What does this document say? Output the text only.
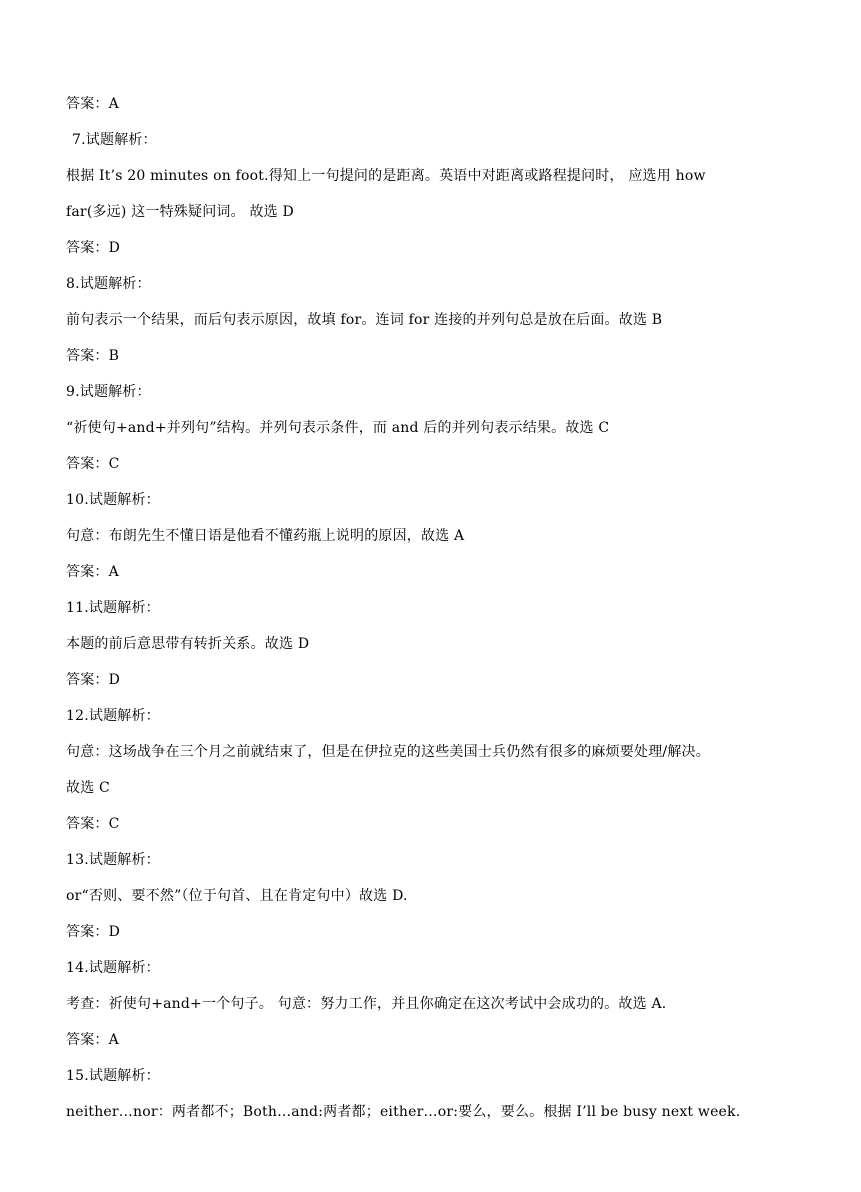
答案：A
7.试题解析：
根据 It’s 20 minutes on foot.得知上一句提问的是距离。英语中对距离或路程提问时， 应选用 how
far(多远) 这一特殊疑问词。 故选 D
答案：D
8.试题解析：
前句表示一个结果，而后句表示原因，故填 for。连词 for 连接的并列句总是放在后面。故选 B
答案：B
9.试题解析：
“祈使句+and+并列句”结构。并列句表示条件，而 and 后的并列句表示结果。故选 C
答案：C
10.试题解析：
句意：布朗先生不懂日语是他看不懂药瓶上说明的原因，故选 A
答案：A
11.试题解析：
本题的前后意思带有转折关系。故选 D
答案：D
12.试题解析：
句意：这场战争在三个月之前就结束了，但是在伊拉克的这些美国士兵仍然有很多的麻烦要处理/解决。
故选 C
答案：C
13.试题解析：
or“否则、要不然”（位于句首、且在肯定句中）故选 D.
答案：D
14.试题解析：
考查：祈使句+and+一个句子。 句意：努力工作，并且你确定在这次考试中会成功的。故选 A.
答案：A
15.试题解析：
neither…nor：两者都不；Both…and:两者都；either…or:要么，要么。根据 I’ll be busy next week.
